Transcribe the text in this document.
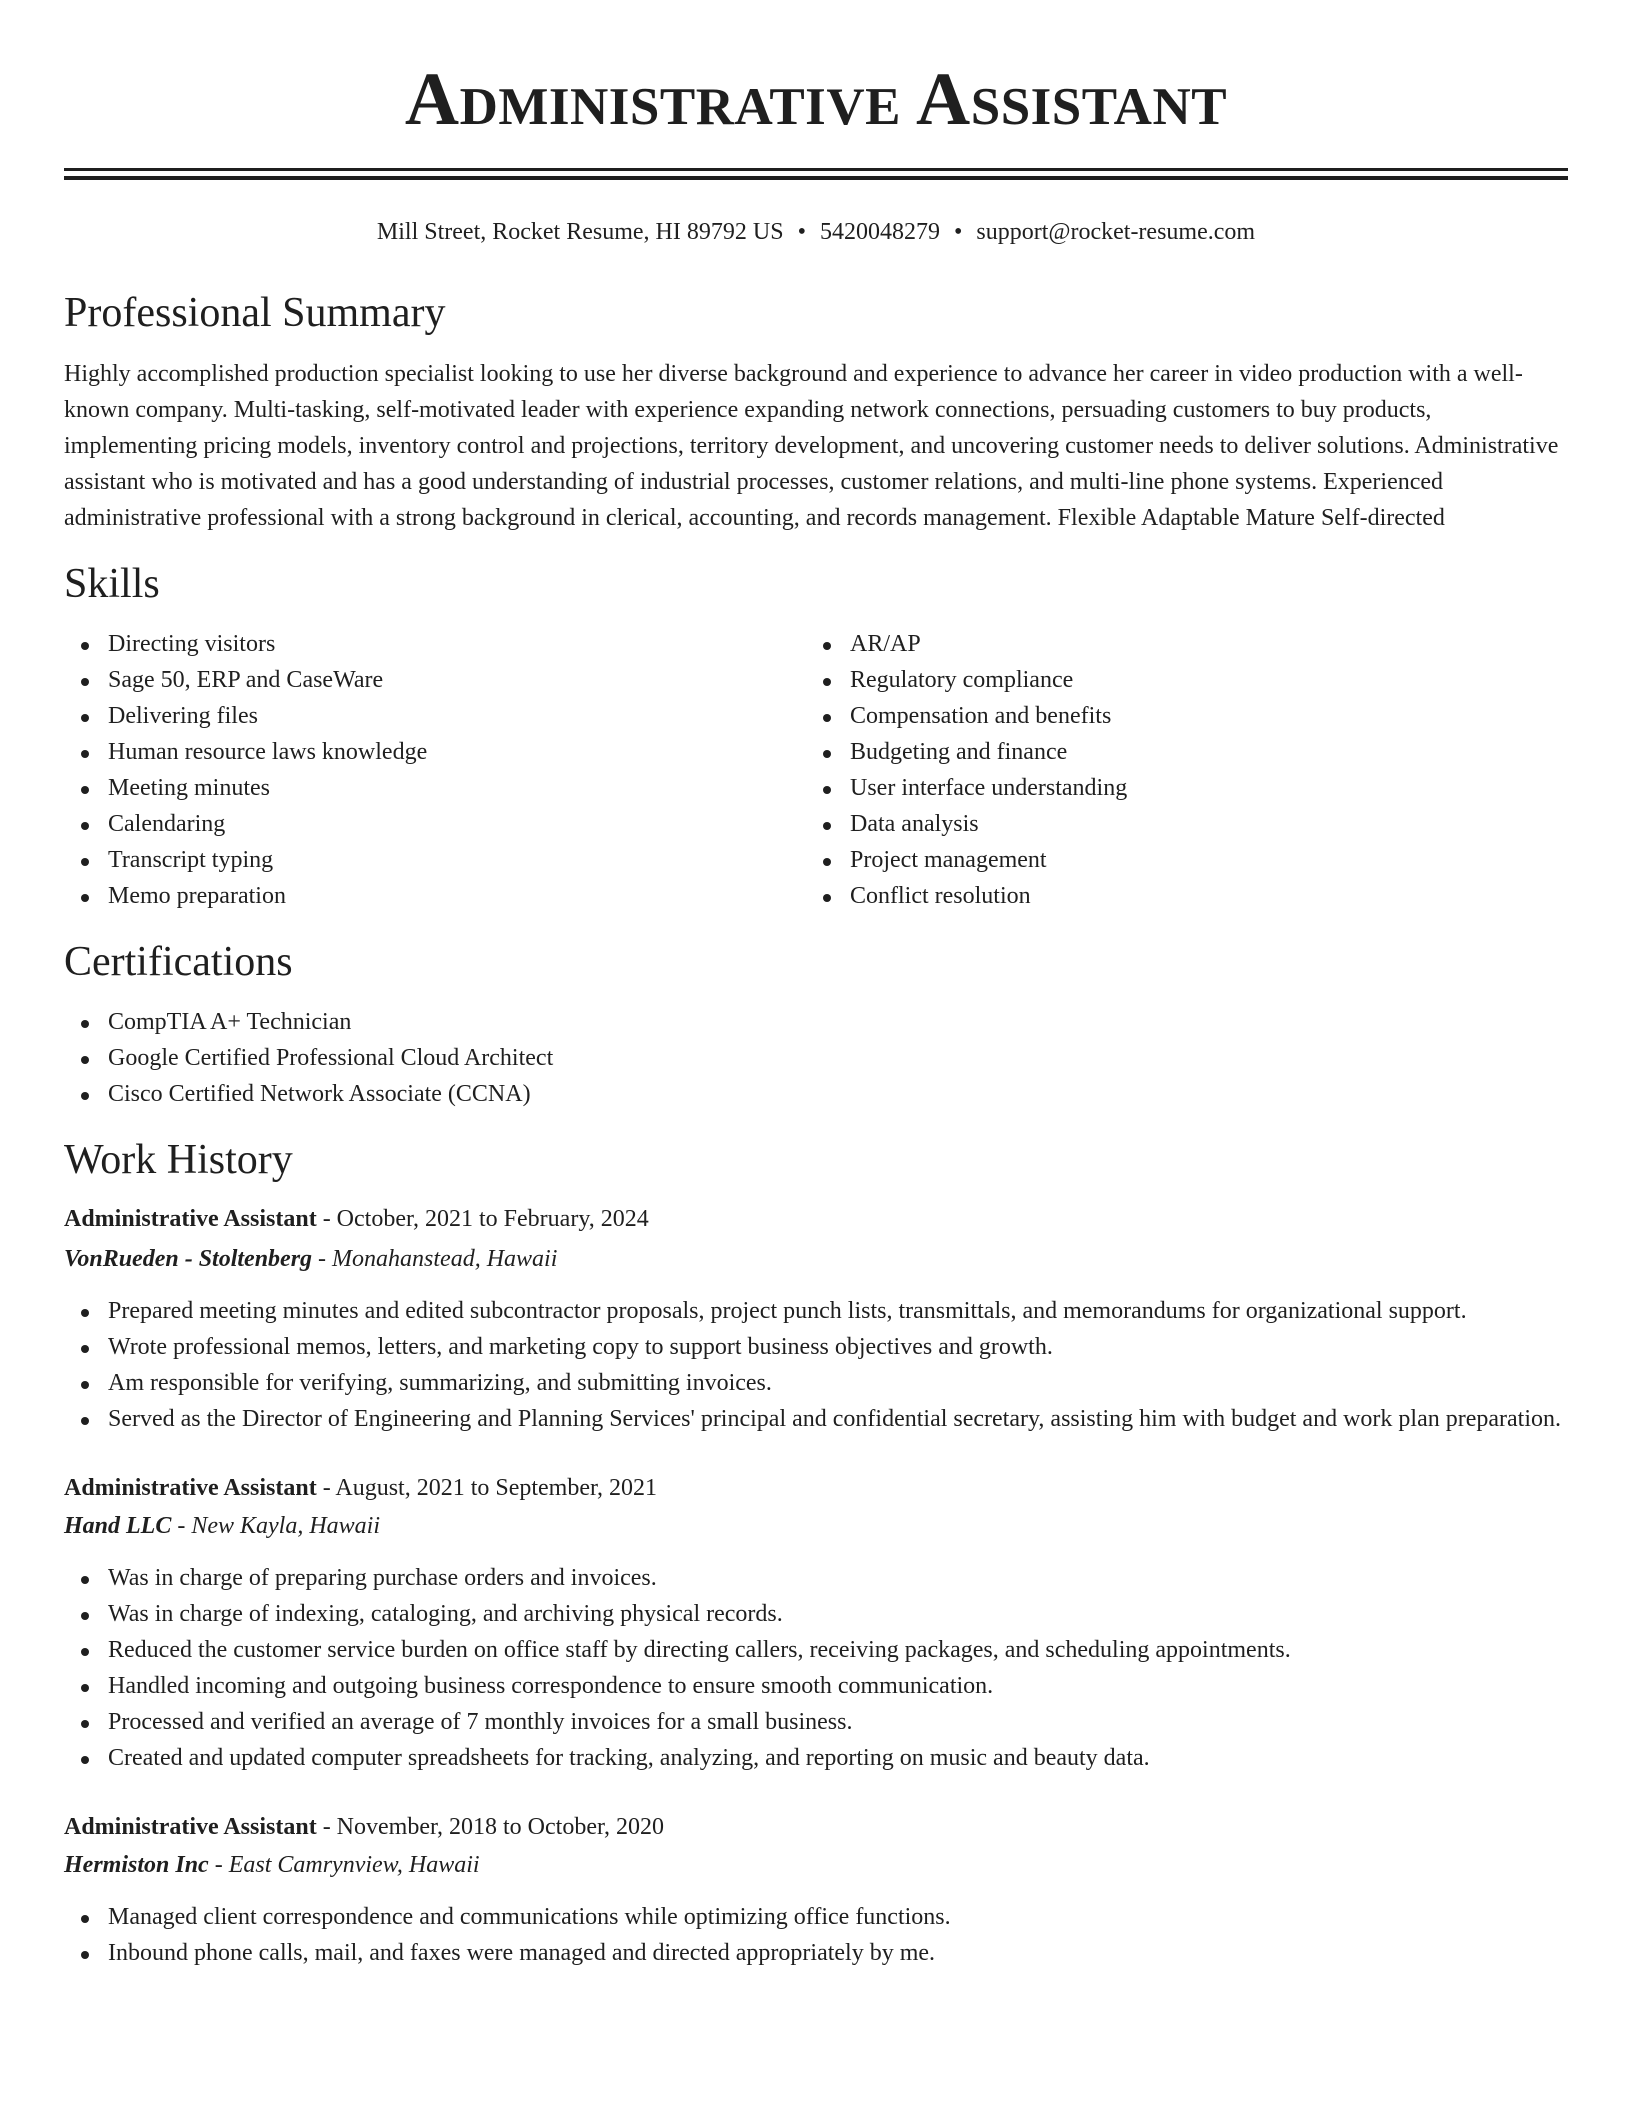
Administrative Assistant
Mill Street, Rocket Resume, HI 89792 US • 5420048279 • support@rocket-resume.com
Professional Summary

Highly accomplished production specialist looking to use her diverse background and experience to advance her career in video production with a well-known company. Multi-tasking, self-motivated leader with experience expanding network connections, persuading customers to buy products, implementing pricing models, inventory control and projections, territory development, and uncovering customer needs to deliver solutions. Administrative assistant who is motivated and has a good understanding of industrial processes, customer relations, and multi-line phone systems. Experienced administrative professional with a strong background in clerical, accounting, and records management. Flexible Adaptable Mature Self-directed

Skills
Directing visitors
Sage 50, ERP and CaseWare
Delivering files
Human resource laws knowledge
Meeting minutes
Calendaring
Transcript typing
Memo preparation
AR/AP
Regulatory compliance
Compensation and benefits
Budgeting and finance
User interface understanding
Data analysis
Project management
Conflict resolution
Certifications
CompTIA A+ Technician
Google Certified Professional Cloud Architect
Cisco Certified Network Associate (CCNA)
Work History
Administrative Assistant - October, 2021 to February, 2024
VonRueden - Stoltenberg - Monahanstead, Hawaii
Prepared meeting minutes and edited subcontractor proposals, project punch lists, transmittals, and memorandums for organizational support.
Wrote professional memos, letters, and marketing copy to support business objectives and growth.
Am responsible for verifying, summarizing, and submitting invoices.
Served as the Director of Engineering and Planning Services' principal and confidential secretary, assisting him with budget and work plan preparation.
Administrative Assistant - August, 2021 to September, 2021
Hand LLC - New Kayla, Hawaii
Was in charge of preparing purchase orders and invoices.
Was in charge of indexing, cataloging, and archiving physical records.
Reduced the customer service burden on office staff by directing callers, receiving packages, and scheduling appointments.
Handled incoming and outgoing business correspondence to ensure smooth communication.
Processed and verified an average of 7 monthly invoices for a small business.
Created and updated computer spreadsheets for tracking, analyzing, and reporting on music and beauty data.
Administrative Assistant - November, 2018 to October, 2020
Hermiston Inc - East Camrynview, Hawaii
Managed client correspondence and communications while optimizing office functions.
Inbound phone calls, mail, and faxes were managed and directed appropriately by me.
